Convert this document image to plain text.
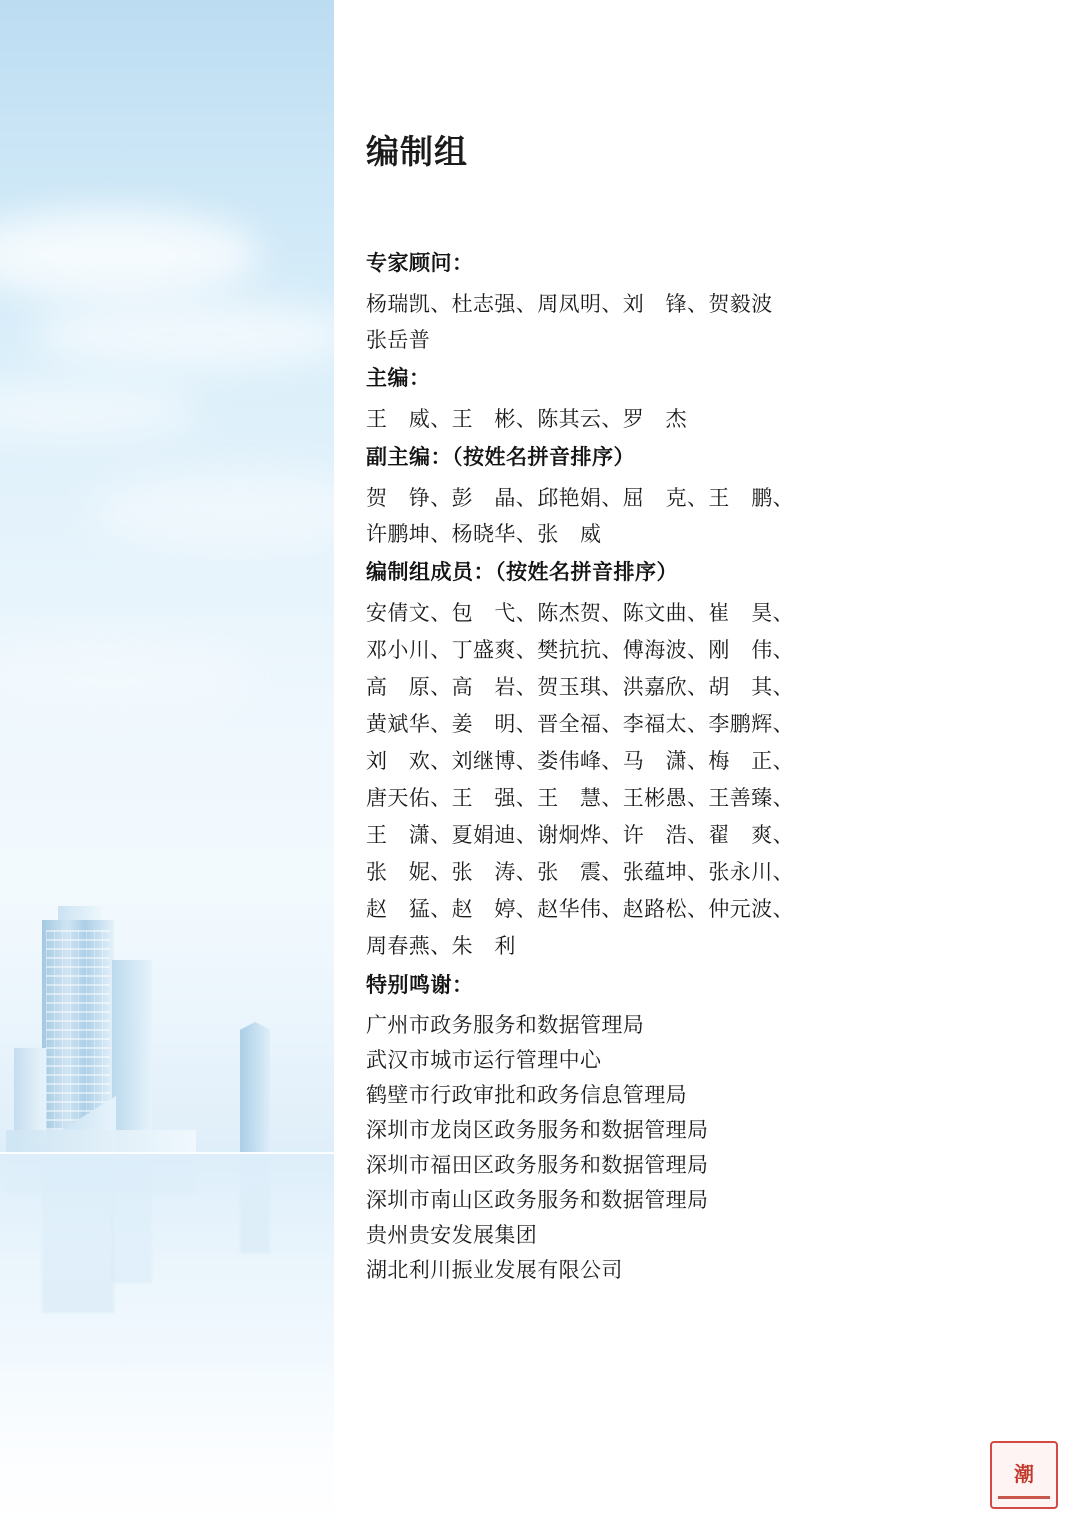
编制组
专家顾问：
杨瑞凯、杜志强、周凤明、刘　锋、贺毅波
张岳普
主编：
王　威、王　彬、陈其云、罗　杰
副主编：（按姓名拼音排序）
贺　铮、彭　晶、邱艳娟、屈　克、王　鹏、
许鹏坤、杨晓华、张　威
编制组成员：（按姓名拼音排序）
安倩文、包　弋、陈杰贺、陈文曲、崔　昊、
邓小川、丁盛爽、樊抗抗、傅海波、刚　伟、
高　原、高　岩、贺玉琪、洪嘉欣、胡　其、
黄斌华、姜　明、晋全福、李福太、李鹏辉、
刘　欢、刘继博、娄伟峰、马　潇、梅　正、
唐天佑、王　强、王　慧、王彬愚、王善臻、
王　潇、夏娟迪、谢炯烨、许　浩、翟　爽、
张　妮、张　涛、张　震、张蕴坤、张永川、
赵　猛、赵　婷、赵华伟、赵路松、仲元波、
周春燕、朱　利
特别鸣谢：
广州市政务服务和数据管理局
武汉市城市运行管理中心
鹤壁市行政审批和政务信息管理局
深圳市龙岗区政务服务和数据管理局
深圳市福田区政务服务和数据管理局
深圳市南山区政务服务和数据管理局
贵州贵安发展集团
湖北利川振业发展有限公司
潮
